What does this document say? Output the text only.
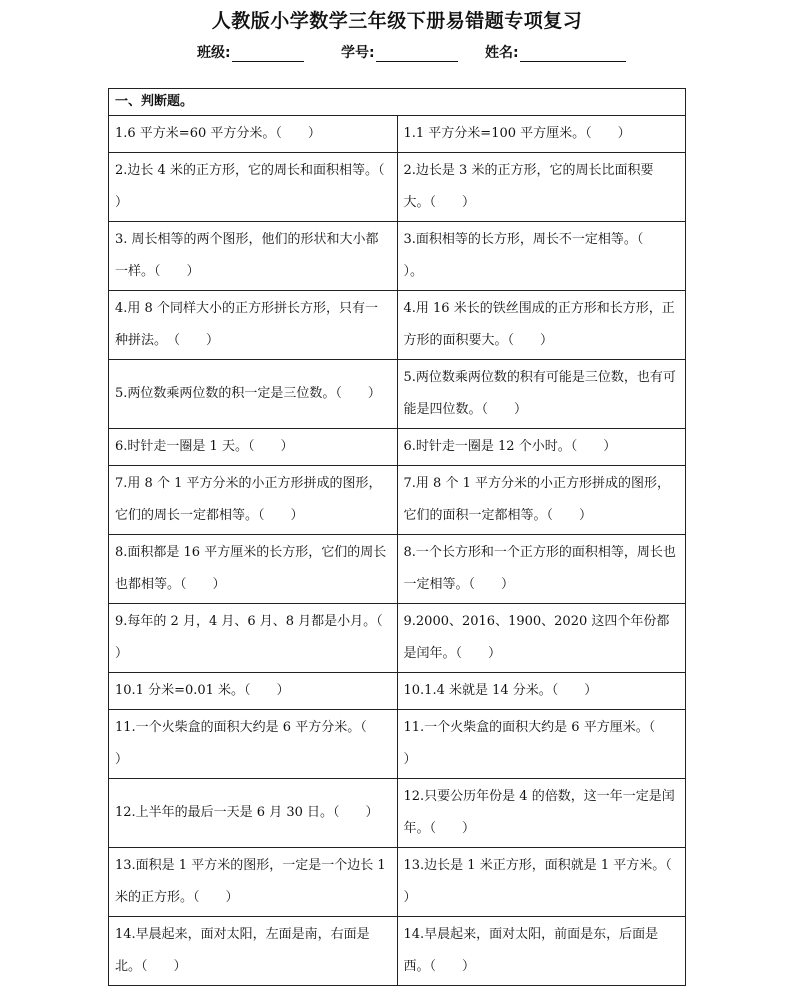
人教版小学数学三年级下册易错题专项复习
班级:	学号:	姓名:
一、判断题。	
1.6 平方米=60 平方分米。（　　）	1.1 平方分米=100 平方厘米。（　　）
2.边长 4 米的正方形，它的周长和面积相等。（　　）	2.边长是 3 米的正方形，它的周长比面积要大。（　　）
3. 周长相等的两个图形，他们的形状和大小都一样。（　　）	3.面积相等的长方形，周长不一定相等。（　　）。
4.用 8 个同样大小的正方形拼长方形，只有一种拼法。　（　　）	4.用 16 米长的铁丝围成的正方形和长方形，正方形的面积要大。（　　）
5.两位数乘两位数的积一定是三位数。（　　）	5.两位数乘两位数的积有可能是三位数，也有可能是四位数。（　　）
6.时针走一圈是 1 天。（　　）	6.时针走一圈是 12 个小时。（　　）
7.用 8 个 1 平方分米的小正方形拼成的图形，它们的周长一定都相等。（　　）	7.用 8 个 1 平方分米的小正方形拼成的图形，它们的面积一定都相等。（　　）
8.面积都是 16 平方厘米的长方形，它们的周长也都相等。（　　）	8.一个长方形和一个正方形的面积相等，周长也一定相等。（　　）
9.每年的 2 月，4 月、6 月、8 月都是小月。（　　）	9.2000、2016、1900、2020 这四个年份都是闰年。（　　）
10.1 分米=0.01 米。（　　）	10.1.4 米就是 14 分米。（　　）
11.一个火柴盒的面积大约是 6 平方分米。（　　）	11.一个火柴盒的面积大约是 6 平方厘米。（　　）
12.上半年的最后一天是 6 月 30 日。（　　）	12.只要公历年份是 4 的倍数，这一年一定是闰年。（　　）
13.面积是 1 平方米的图形，一定是一个边长 1 米的正方形。（　　）	13.边长是 1 米正方形，面积就是 1 平方米。（　　）
14.早晨起来，面对太阳，左面是南，右面是北。（　　）	14.早晨起来，面对太阳，前面是东，后面是西。（　　）
